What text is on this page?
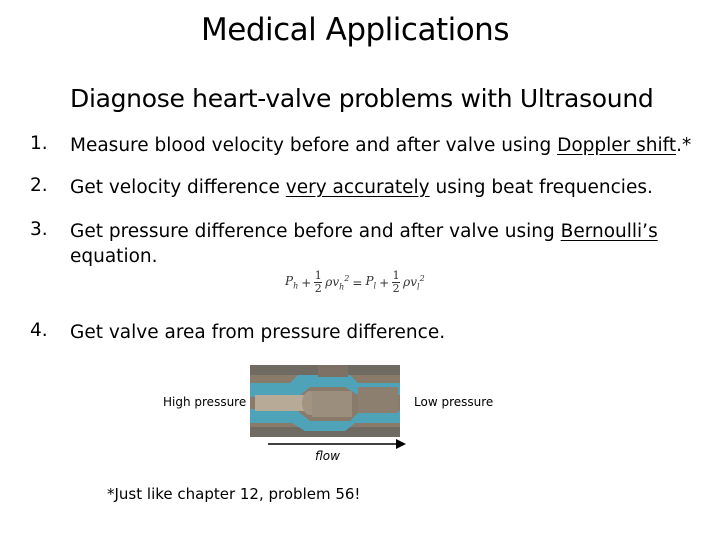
Medical Applications
Diagnose heart-valve problems with Ultrasound
1.	Measure blood velocity before and after valve using Doppler shift.*
2.	Get velocity difference very accurately using beat frequencies.
3.	Get pressure difference before and after valve using Bernoulli’s
equation.
$P_h + \frac{1}{2} \rho v_h^2 = P_l + \frac{1}{2} \rho v_l^2$
4.	Get valve area from pressure difference.
High pressure	Low pressure
flow
*Just like chapter 12, problem 56!
